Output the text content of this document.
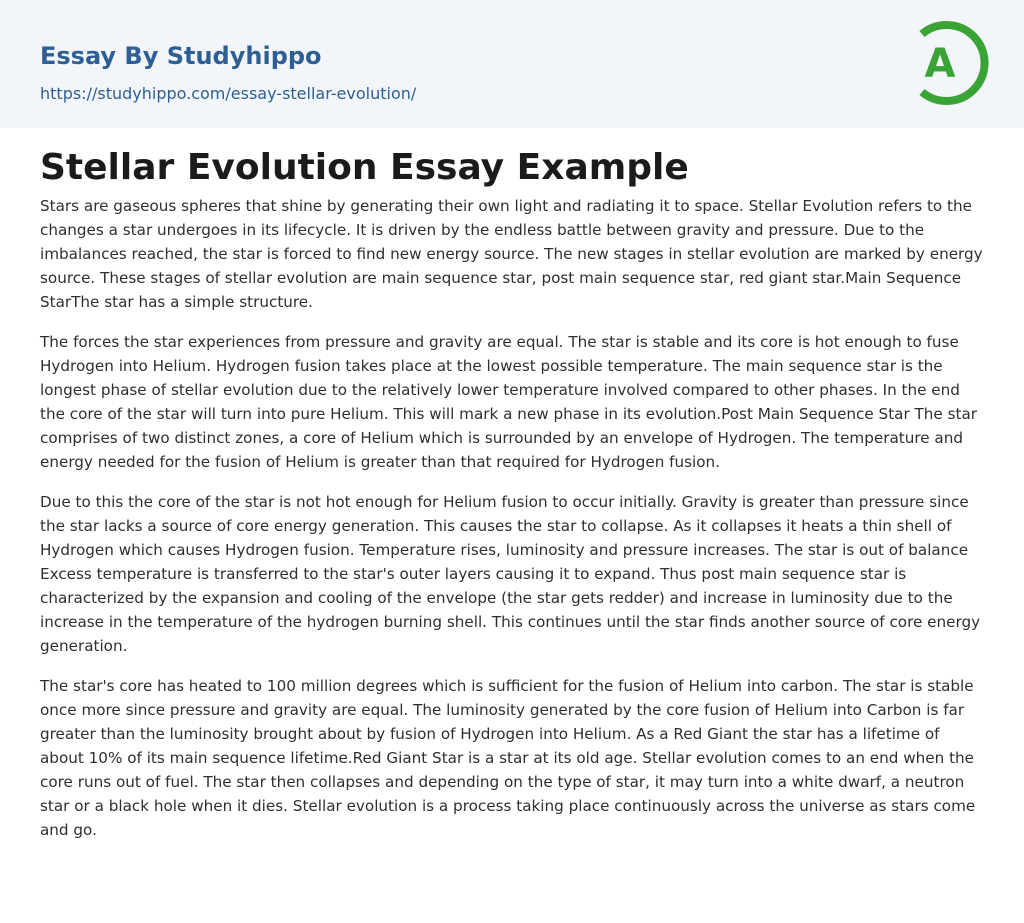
Essay By Studyhippo
https://studyhippo.com/essay-stellar-evolution/
A
Stellar Evolution Essay Example

Stars are gaseous spheres that shine by generating their own light and radiating it to space. Stellar Evolution refers to the changes a star undergoes in its lifecycle. It is driven by the endless battle between gravity and pressure. Due to the imbalances reached, the star is forced to find new energy source. The new stages in stellar evolution are marked by energy source. These stages of stellar evolution are main sequence star, post main sequence star, red giant star.Main Sequence StarThe star has a simple structure.

The forces the star experiences from pressure and gravity are equal. The star is stable and its core is hot enough to fuse Hydrogen into Helium. Hydrogen fusion takes place at the lowest possible temperature. The main sequence star is the longest phase of stellar evolution due to the relatively lower temperature involved compared to other phases. In the end the core of the star will turn into pure Helium. This will mark a new phase in its evolution.Post Main Sequence Star The star comprises of two distinct zones, a core of Helium which is surrounded by an envelope of Hydrogen. The temperature and energy needed for the fusion of Helium is greater than that required for Hydrogen fusion.

Due to this the core of the star is not hot enough for Helium fusion to occur initially. Gravity is greater than pressure since the star lacks a source of core energy generation. This causes the star to collapse. As it collapses it heats a thin shell of Hydrogen which causes Hydrogen fusion. Temperature rises, luminosity and pressure increases. The star is out of balance Excess temperature is transferred to the star's outer layers causing it to expand. Thus post main sequence star is characterized by the expansion and cooling of the envelope (the star gets redder) and increase in luminosity due to the increase in the temperature of the hydrogen burning shell. This continues until the star finds another source of core energy generation.

The star's core has heated to 100 million degrees which is sufficient for the fusion of Helium into carbon. The star is stable once more since pressure and gravity are equal. The luminosity generated by the core fusion of Helium into Carbon is far greater than the luminosity brought about by fusion of Hydrogen into Helium. As a Red Giant the star has a lifetime of about 10% of its main sequence lifetime.Red Giant Star is a star at its old age. Stellar evolution comes to an end when the core runs out of fuel. The star then collapses and depending on the type of star, it may turn into a white dwarf, a neutron star or a black hole when it dies. Stellar evolution is a process taking place continuously across the universe as stars come and go.
